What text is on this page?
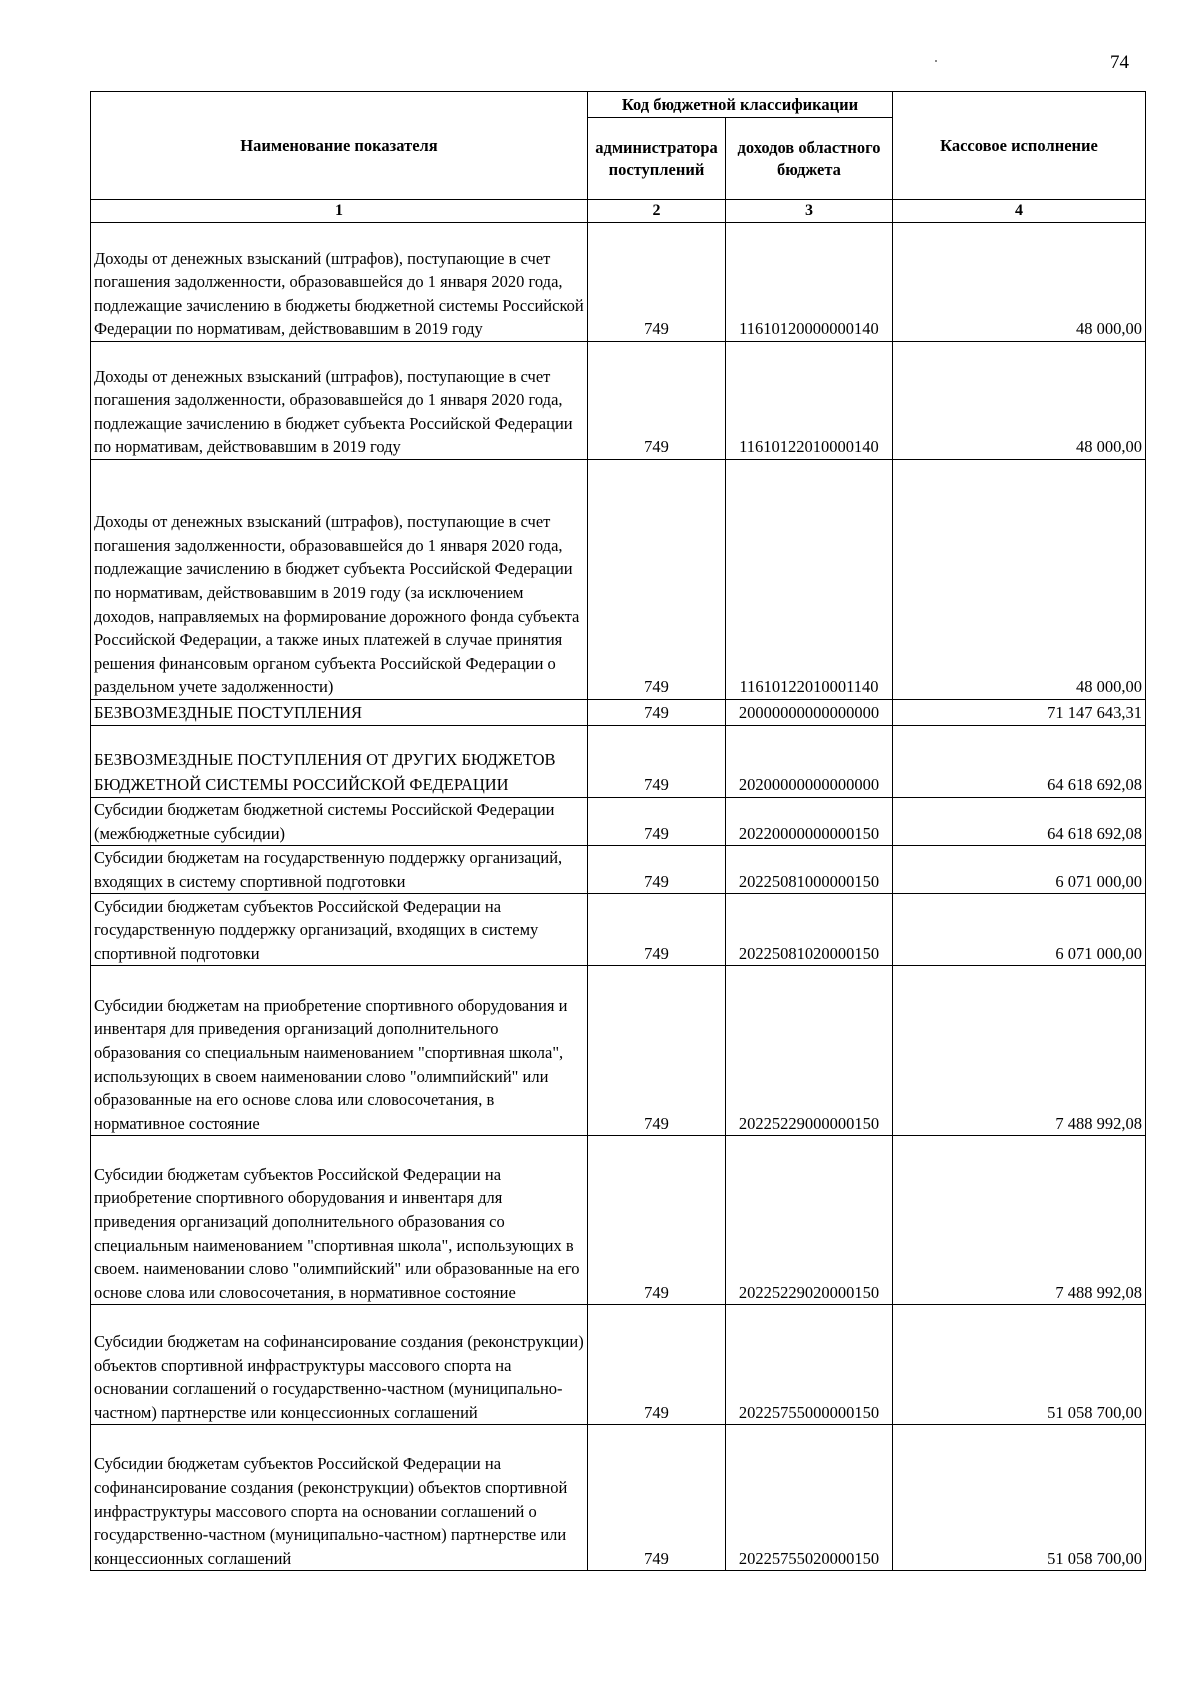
74
Наименование показателя	Код бюджетной классификации		Кассовое исполнение
	администратора поступлений	доходов областного бюджета	
1	2	3	4
Доходы от денежных взысканий (штрафов), поступающие в счет погашения задолженности, образовавшейся до 1 января 2020 года, подлежащие зачислению в бюджеты бюджетной системы Российской Федерации по нормативам, действовавшим в 2019 году	749	11610120000000140	48 000,00
Доходы от денежных взысканий (штрафов), поступающие в счет погашения задолженности, образовавшейся до 1 января 2020 года, подлежащие зачислению в бюджет субъекта Российской Федерации по нормативам, действовавшим в 2019 году	749	11610122010000140	48 000,00
Доходы от денежных взысканий (штрафов), поступающие в счет погашения задолженности, образовавшейся до 1 января 2020 года, подлежащие зачислению в бюджет субъекта Российской Федерации по нормативам, действовавшим в 2019 году (за исключением доходов, направляемых на формирование дорожного фонда субъекта Российской Федерации, а также иных платежей в случае принятия решения финансовым органом субъекта Российской Федерации о раздельном учете задолженности)	749	11610122010001140	48 000,00
БЕЗВОЗМЕЗДНЫЕ ПОСТУПЛЕНИЯ	749	20000000000000000	71 147 643,31
БЕЗВОЗМЕЗДНЫЕ ПОСТУПЛЕНИЯ ОТ ДРУГИХ БЮДЖЕТОВ БЮДЖЕТНОЙ СИСТЕМЫ РОССИЙСКОЙ ФЕДЕРАЦИИ	749	20200000000000000	64 618 692,08
Субсидии бюджетам бюджетной системы Российской Федерации (межбюджетные субсидии)	749	20220000000000150	64 618 692,08
Субсидии бюджетам на государственную поддержку организаций, входящих в систему спортивной подготовки	749	20225081000000150	6 071 000,00
Субсидии бюджетам субъектов Российской Федерации на государственную поддержку организаций, входящих в систему спортивной подготовки	749	20225081020000150	6 071 000,00
Субсидии бюджетам на приобретение спортивного оборудования и инвентаря для приведения организаций дополнительного образования со специальным наименованием "спортивная школа", использующих в своем наименовании слово "олимпийский" или образованные на его основе слова или словосочетания, в нормативное состояние	749	20225229000000150	7 488 992,08
Субсидии бюджетам субъектов Российской Федерации на приобретение спортивного оборудования и инвентаря для приведения организаций дополнительного образования со специальным наименованием "спортивная школа", использующих в своем. наименовании слово "олимпийский" или образованные на его основе слова или словосочетания, в нормативное состояние	749	20225229020000150	7 488 992,08
Субсидии бюджетам на софинансирование создания (реконструкции) объектов спортивной инфраструктуры массового спорта на основании соглашений о государственно-частном (муниципально-частном) партнерстве или концессионных соглашений	749	20225755000000150	51 058 700,00
Субсидии бюджетам субъектов Российской Федерации на софинансирование создания (реконструкции) объектов спортивной инфраструктуры массового спорта на основании соглашений о государственно-частном (муниципально-частном) партнерстве или концессионных соглашений	749	20225755020000150	51 058 700,00
